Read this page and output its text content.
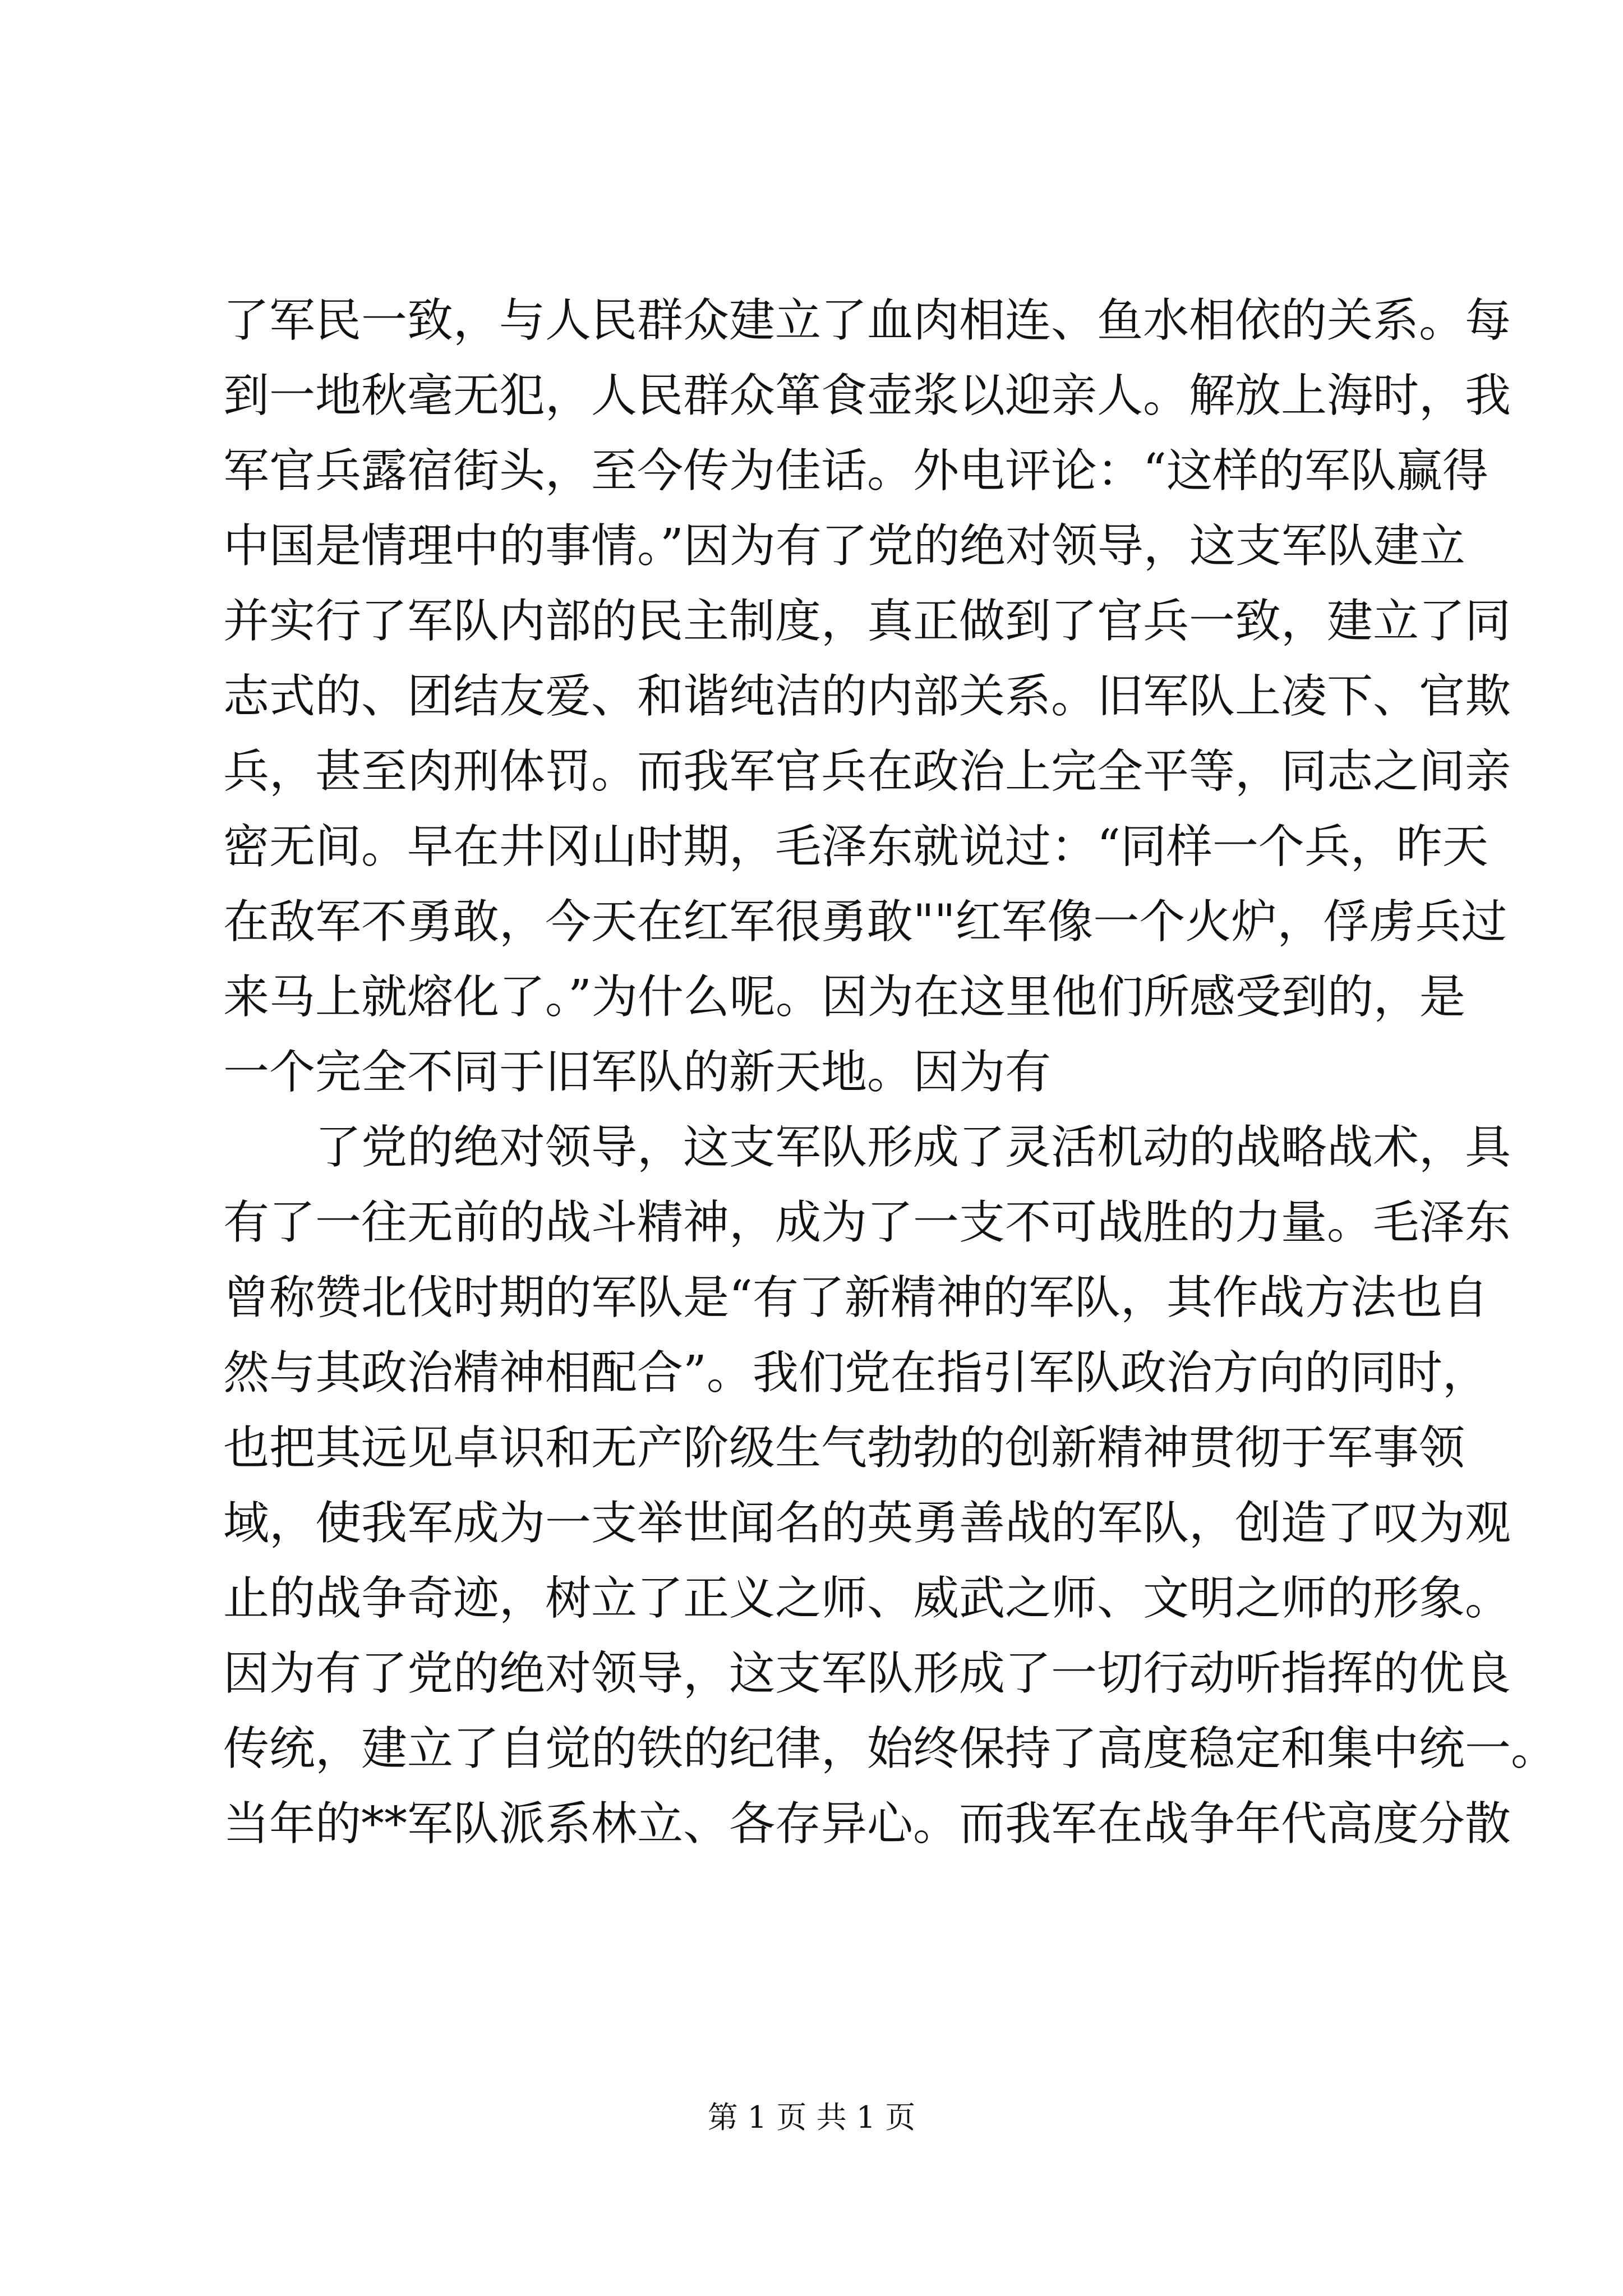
了军民一致，与人民群众建立了血肉相连、鱼水相依的关系。每
到一地秋毫无犯，人民群众箪食壶浆以迎亲人。解放上海时，我
军官兵露宿街头，至今传为佳话。外电评论：“这样的军队赢得
中国是情理中的事情。”因为有了党的绝对领导，这支军队建立
并实行了军队内部的民主制度，真正做到了官兵一致，建立了同
志式的、团结友爱、和谐纯洁的内部关系。旧军队上凌下、官欺
兵，甚至肉刑体罚。而我军官兵在政治上完全平等，同志之间亲
密无间。早在井冈山时期，毛泽东就说过：“同样一个兵，昨天
在敌军不勇敢，今天在红军很勇敢""红军像一个火炉，俘虏兵过
来马上就熔化了。”为什么呢。因为在这里他们所感受到的，是
一个完全不同于旧军队的新天地。因为有
　　了党的绝对领导，这支军队形成了灵活机动的战略战术，具
有了一往无前的战斗精神，成为了一支不可战胜的力量。毛泽东
曾称赞北伐时期的军队是“有了新精神的军队，其作战方法也自
然与其政治精神相配合”。我们党在指引军队政治方向的同时，
也把其远见卓识和无产阶级生气勃勃的创新精神贯彻于军事领
域，使我军成为一支举世闻名的英勇善战的军队，创造了叹为观
止的战争奇迹，树立了正义之师、威武之师、文明之师的形象。
因为有了党的绝对领导，这支军队形成了一切行动听指挥的优良
传统，建立了自觉的铁的纪律，始终保持了高度稳定和集中统一。
当年的**军队派系林立、各存异心。而我军在战争年代高度分散
第 1 页 共 1 页
